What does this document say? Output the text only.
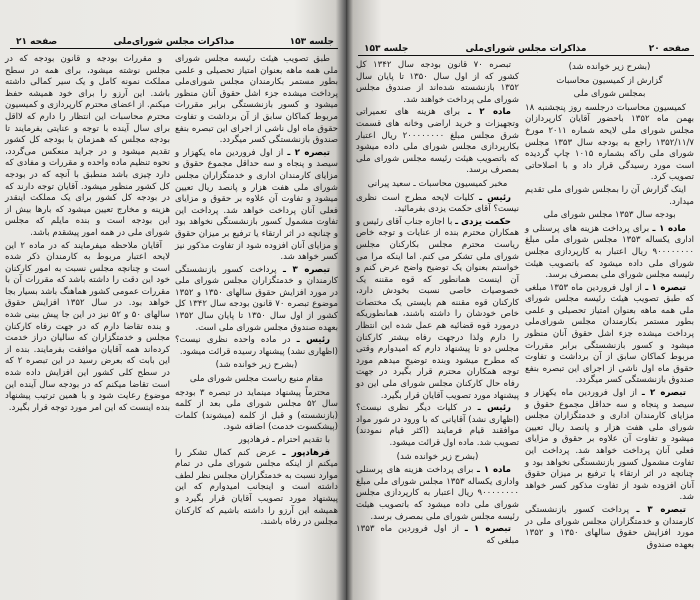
جلسه ۱۵۳
مذاکرات مجلس شورای‌ملی
صفحه ۲۱

طبق تصویب هیئت رئیسه مجلس شورای ملی همه ماهه بعنوان امتیاز تحصیلی و علمی بطور مستمر بکارمندان مجلس شورای‌ملی پرداخت میشده جزء اشل حقوق آنان منظور میشود و کسور بازنشستگی برابر مقررات مربوط کماکان سابق از آن برداشت و تفاوت حقوق ماه اول ناشی از اجرای این تبصره بنفع صندوق بازنشستگی کسر میگردد.

تبصره ۲ ـ از اول فروردین ماه یکهزار و سیصد و پنجاه و سه حداقل مجموع حقوق و مزایای کارمندان اداری و خدمتگزاران مجلس شورای ملی هفت هزار و پانصد ریال تعیین میشود و تفاوت آن علاوه بر حقوق و مزایای فعلی آنان پرداخت خواهد شد. پرداخت این تفاوت مشمول کسور بازنشستگی نخواهد بود و چنانچه در اثر ارتقاء یا ترفیع بر میزان حقوق و مزایای آنان افزوده شود از تفاوت مذکور نیز کسر خواهد شد.

تبصره ۳ ـ پرداخت کسور بازنشستگی کارمندان و خدمتگزاران مجلس شورای ملی در مورد افزایش حقوق سالهای ۱۳۵۰ و ۱۳۵۲ موضوع تبصره ۷۰ قانون بودجه سال ۱۳۴۲ کل کشور از اول سال ۱۳۵۰ تا پایان سال ۱۳۵۲ بعهده صندوق مجلس شورای ملی است.

رئیس ـ در ماده واحده نظری نیست؟ (اظهاری نشد) پیشنهاد رسیده قرائت میشود.

(بشرح زیر خوانده شد)

مقام منیع ریاست مجلس شورای ملی

محترماً پیشنهاد مینماید در تبصره ۳ بودجه سال ۵۲ مجلس شورای ملی بعد از کلمه (بازنشسته) و قبل از کلمه (میشوند) کلمات (پیشکسوت خدمت) اضافه شود.

با تقدیم احترام ـ فرهادپور

فرهادپور ـ عرض کنم کمال تشکر را میکنم از اینکه مجلس شورای ملی در تمام موارد نسبت به خدمتگزاران مجلس نظر لطف داشته است و اینجانب امیدوارم که این پیشنهاد مورد تصویب آقایان قرار بگیرد و همیشه این آرزو را داشته باشیم که کارکنان مجلس در رفاه باشند.

و مقررات بودجه و قانون بودجه که در مجلس نوشته میشود، برای همه در سطح مملکت نمونه کامل و یک سیر کمالی داشته باشد. این آرزو را برای خود همیشه حفظ میکنم. از اعضای محترم کارپردازی و کمیسیون محترم محاسبات این انتظار را دارم که لااقل برای سال آینده با توجه و عنایتی بفرمایند تا بودجه مجلس که همزمان با بودجه کل کشور تقدیم میشود و در جراید منعکس می‌گردد، نحوه تنظیم ماده واحده و مقررات و مفادی که دارد چیزی باشد منطبق با آنچه که در بودجه کل کشور منظور میشود. آقایان توجه دارند که در بودجه کل کشور برای یک مملکت اینقدر هزینه و مخارج تعیین میشود که بارها بیش از این بودجه است و بنده مایلم که مجلس شورای ملی در همه امور پیشقدم باشد.

آقایان ملاحظه میفرمایند که در ماده ۲ این لایحه اعتبار مربوط به کارمندان ذکر شده است و چنانچه مجلس نسبت به امور کارکنان خود این دقت را داشته باشد که مقررات آن با مقررات عمومی کشور هماهنگ باشد بسیار بجا خواهد بود. در سال ۱۳۵۲ افزایش حقوق سالهای ۵۰ و ۵۲ نیز در این جا پیش بینی شده و بنده تقاضا دارم که در جهت رفاه کارکنان مجلس و خدمتگزاران که سالیان دراز خدمت کرده‌اند همه آقایان موافقت بفرمایند. بنده از این بابت که بعرض رسید در این تبصره ۲ که در سطح کلی کشور این افزایش داده شده است تقاضا میکنم که در بودجه سال آینده این موضوع رعایت شود و با همین ترتیب پیشنهاد بنده اینست که این امر مورد توجه قرار بگیرد.

صفحه ۲۰
مذاکرات مجلس شورای‌ملی
جلسه ۱۵۳

(بشرح زیر خوانده شد)

گزارش از کمیسیون محاسبات

بمجلس شورای ملی

کمیسیون محاسبات درجلسه روز پنجشنبه ۱۸ بهمن ماه ۱۳۵۲ باحضور آقایان کارپردازان مجلس شورای ملی لایحه شماره ۲۰۱۱ مورخ ۱۳۵۲/۱۱/۷ راجع به بودجه سال ۱۳۵۳ مجلس شورای ملی راکه بشماره ۱۰۱۵ چاپ گردیده است مورد رسیدگی قرار داد و با اصلاحاتی تصویب کرد.

اینک گزارش آن را بمجلس شورای ملی تقدیم میدارد.

بودجه سال ۱۳۵۳ مجلس شورای ملی

ماده ۱ ـ برای پرداخت هزینه های پرسنلی و اداری یکساله ۱۳۵۳ مجلس شورای ملی مبلغ ۹۰۰۰۰۰۰۰۰ ریال اعتبار به کارپردازی مجلس شورای ملی داده میشود که باتصویب هیئت رئیسه مجلس شورای ملی بمصرف برسد.

تبصره ۱ ـ از اول فروردین ماه ۱۳۵۳ مبلغی که طبق تصویب هیئت رئیسه مجلس شورای ملی همه ماهه بعنوان امتیاز تحصیلی و علمی بطور مستمر بکارمندان مجلس شورای‌ملی پرداخت میشده جزء اشل حقوق آنان منظور میشود و کسور بازنشستگی برابر مقررات مربوط کماکان سابق از آن برداشت و تفاوت حقوق ماه اول ناشی از اجرای این تبصره بنفع صندوق بازنشستگی کسر میگردد.

تبصره ۲ ـ از اول فروردین ماه یکهزار و سیصد و پنجاه و سه حداقل مجموع حقوق و مزایای کارمندان اداری و خدمتگزاران مجلس شورای ملی هفت هزار و پانصد ریال تعیین میشود و تفاوت آن علاوه بر حقوق و مزایای فعلی آنان پرداخت خواهد شد. پرداخت این تفاوت مشمول کسور بازنشستگی نخواهد بود و چنانچه در اثر ارتقاء یا ترفیع بر میزان حقوق آنان افزوده شود از تفاوت مذکور کسر خواهد شد.

تبصره ۳ ـ پرداخت کسور بازنشستگی کارمندان و خدمتگزاران مجلس شورای ملی در مورد افزایش حقوق سالهای ۱۳۵۰ و ۱۳۵۲ بعهده صندوق

تبصره ۷۰ قانون بودجه سال ۱۳۴۲ کل کشور که از اول سال ۱۳۵۰ تا پایان سال ۱۳۵۲ بازنشسته شده‌اند از صندوق مجلس شورای ملی پرداخت خواهند شد.

ماده ۲ ـ برای هزینه های تعمیراتی وتجهیزات و خرید اراضی وخانه های قسمت شرق مجلس مبلغ ۲۰۰۰۰۰۰۰۰ ریال اعتبار بکارپردازی مجلس شورای ملی داده میشود که باتصویب هیئت رئیسه مجلس شورای ملی بمصرف برسد.

مخبر کمیسیون محاسبات ـ سعید پیرانی

رئیس ـ کلیات لایحه مطرح است نظری نیست؟ آقای حکمت یزدی بفرمائید.

حکمت یزدی ـ با اجازه جناب آقای رئیس و همکاران محترم بنده از عنایات و توجه خاص ریاست محترم مجلس بکارکنان مجلس شورای ملی تشکر می کنم. اما اینکه مرا می خواستم بعنوان یک توضیح واضح عرض کنم و آن اینست همانطور که قوه مقننه یک خصوصیات خاصی نسبت بخودش دارد، کارکنان قوه مقننه هم بایستی یک مختصات خاص خودشان را داشته باشند، همانطوریکه درمورد قوه قضائیه هم عمل شده این انتظار را دارم ولذا درجهت رفاه بیشتر کارکنان مجلس دو تا پیشنهاد دارم که امیدوارم وقتی که مطرح میشود وبنده توضیح میدهم مورد توجه همکاران محترم قرار بگیرد در جهت رفاه حال کارکنان مجلس شورای ملی این دو پیشنهاد مورد تصویب آقایان قرار بگیرد.

رئیس ـ در کلیات دیگر نظری نیست؟ (اظهاری نشد) آقایانی که با ورود در شور مواد موافقند قیام فرمایند (اکثر قیام نمودند) تصویب شد. ماده اول قرائت میشود.

(بشرح زیر خوانده شد)

ماده ۱ ـ برای پرداخت هزینه های پرسنلی واداری یکساله ۱۳۵۳ مجلس شورای ملی مبلغ ۹۰۰۰۰۰۰۰۰ ریال اعتبار به کارپردازی مجلس شورای ملی داده میشود که باتصویب هیئت رئیسه مجلس شورای ملی بمصرف برسد.

تبصره ۱ ـ از اول فروردین ماه ۱۳۵۳ مبلغی که
